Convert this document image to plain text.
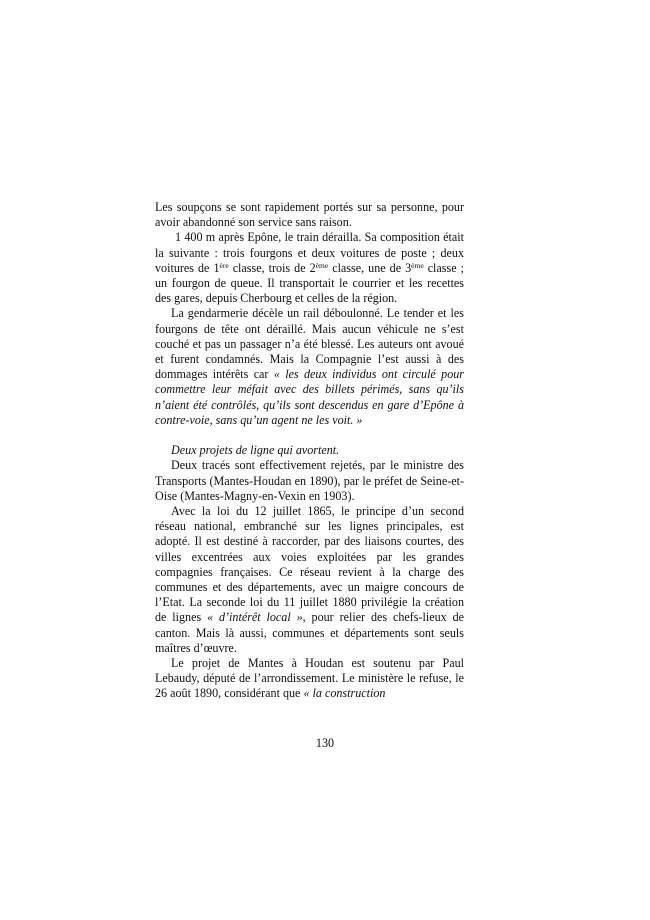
Les soupçons se sont rapidement portés sur sa personne, pour avoir abandonné son service sans raison.

1 400 m après Epône, le train dérailla. Sa composition était la suivante : trois fourgons et deux voitures de poste ; deux voitures de 1ère classe, trois de 2ème classe, une de 3ème classe ; un fourgon de queue. Il transportait le courrier et les recettes des gares, depuis Cherbourg et celles de la région.

La gendarmerie décèle un rail déboulonné. Le tender et les fourgons de tête ont déraillé. Mais aucun véhicule ne s’est couché et pas un passager n’a été blessé. Les auteurs ont avoué et furent condamnés. Mais la Compagnie l’est aussi à des dommages intérêts car « les deux individus ont circulé pour commettre leur méfait avec des billets périmés, sans qu’ils n’aient été contrôlés, qu’ils sont descendus en gare d’Epône à contre-voie, sans qu’un agent ne les voit. »

Deux projets de ligne qui avortent.

Deux tracés sont effectivement rejetés, par le ministre des Transports (Mantes-Houdan en 1890), par le préfet de Seine-et-Oise (Mantes-Magny-en-Vexin en 1903).

Avec la loi du 12 juillet 1865, le principe d’un second réseau national, embranché sur les lignes principales, est adopté. Il est destiné à raccorder, par des liaisons courtes, des villes excentrées aux voies exploitées par les grandes compagnies françaises. Ce réseau revient à la charge des communes et des départements, avec un maigre concours de l’Etat. La seconde loi du 11 juillet 1880 privilégie la création de lignes « d’intérêt local », pour relier des chefs-lieux de canton. Mais là aussi, communes et départements sont seuls maîtres d’œuvre.

Le projet de Mantes à Houdan est soutenu par Paul Lebaudy, député de l’arrondissement. Le ministère le refuse, le 26 août 1890, considérant que « la construction

130
